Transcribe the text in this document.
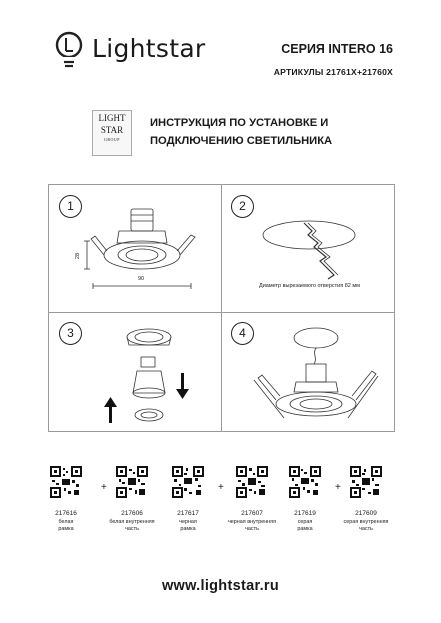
Lightstar	СЕРИЯ INTERO 16
АРТИКУЛЫ 21761X+21760X
LIGHT
STAR
GROUP
ИНСТРУКЦИЯ ПО УСТАНОВКЕ И
ПОДКЛЮЧЕНИЮ СВЕТИЛЬНИКА
1
28
90
2
Диаметр вырезаемого отверстия 82 мм
3	4
+	+	+
217616
белая
рамка
217606
белая внутренняя
часть
217617
черная
рамка
217607
черная внутренняя
часть
217619
серая
рамка
217609
серая внутренняя
часть
www.lightstar.ru
